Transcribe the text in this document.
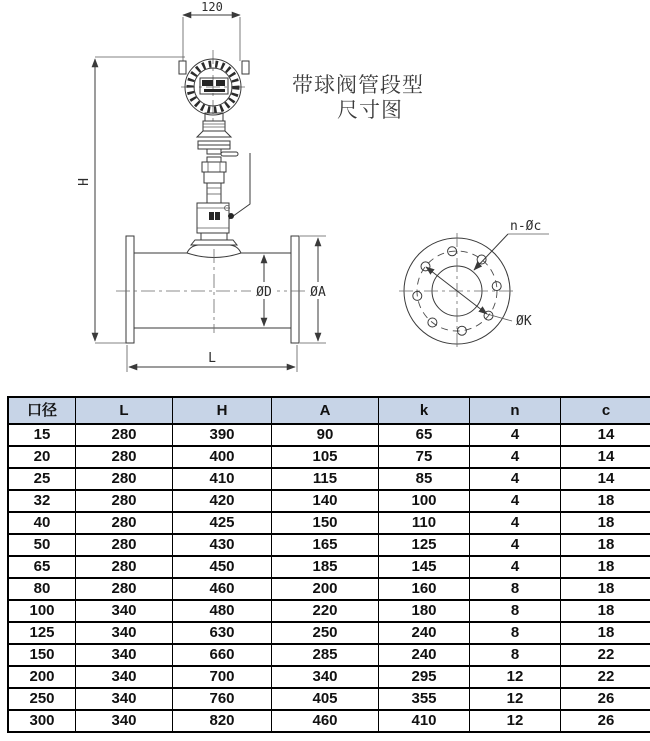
120
H
ØD	ØA
L
带球阀管段型
尺寸图
ØK
n-Øc
口径	L	H	A	k	n	c
15	280	390	90	65	4	14
20	280	400	105	75	4	14
25	280	410	115	85	4	14
32	280	420	140	100	4	18
40	280	425	150	110	4	18
50	280	430	165	125	4	18
65	280	450	185	145	4	18
80	280	460	200	160	8	18
100	340	480	220	180	8	18
125	340	630	250	240	8	18
150	340	660	285	240	8	22
200	340	700	340	295	12	22
250	340	760	405	355	12	26
300	340	820	460	410	12	26
